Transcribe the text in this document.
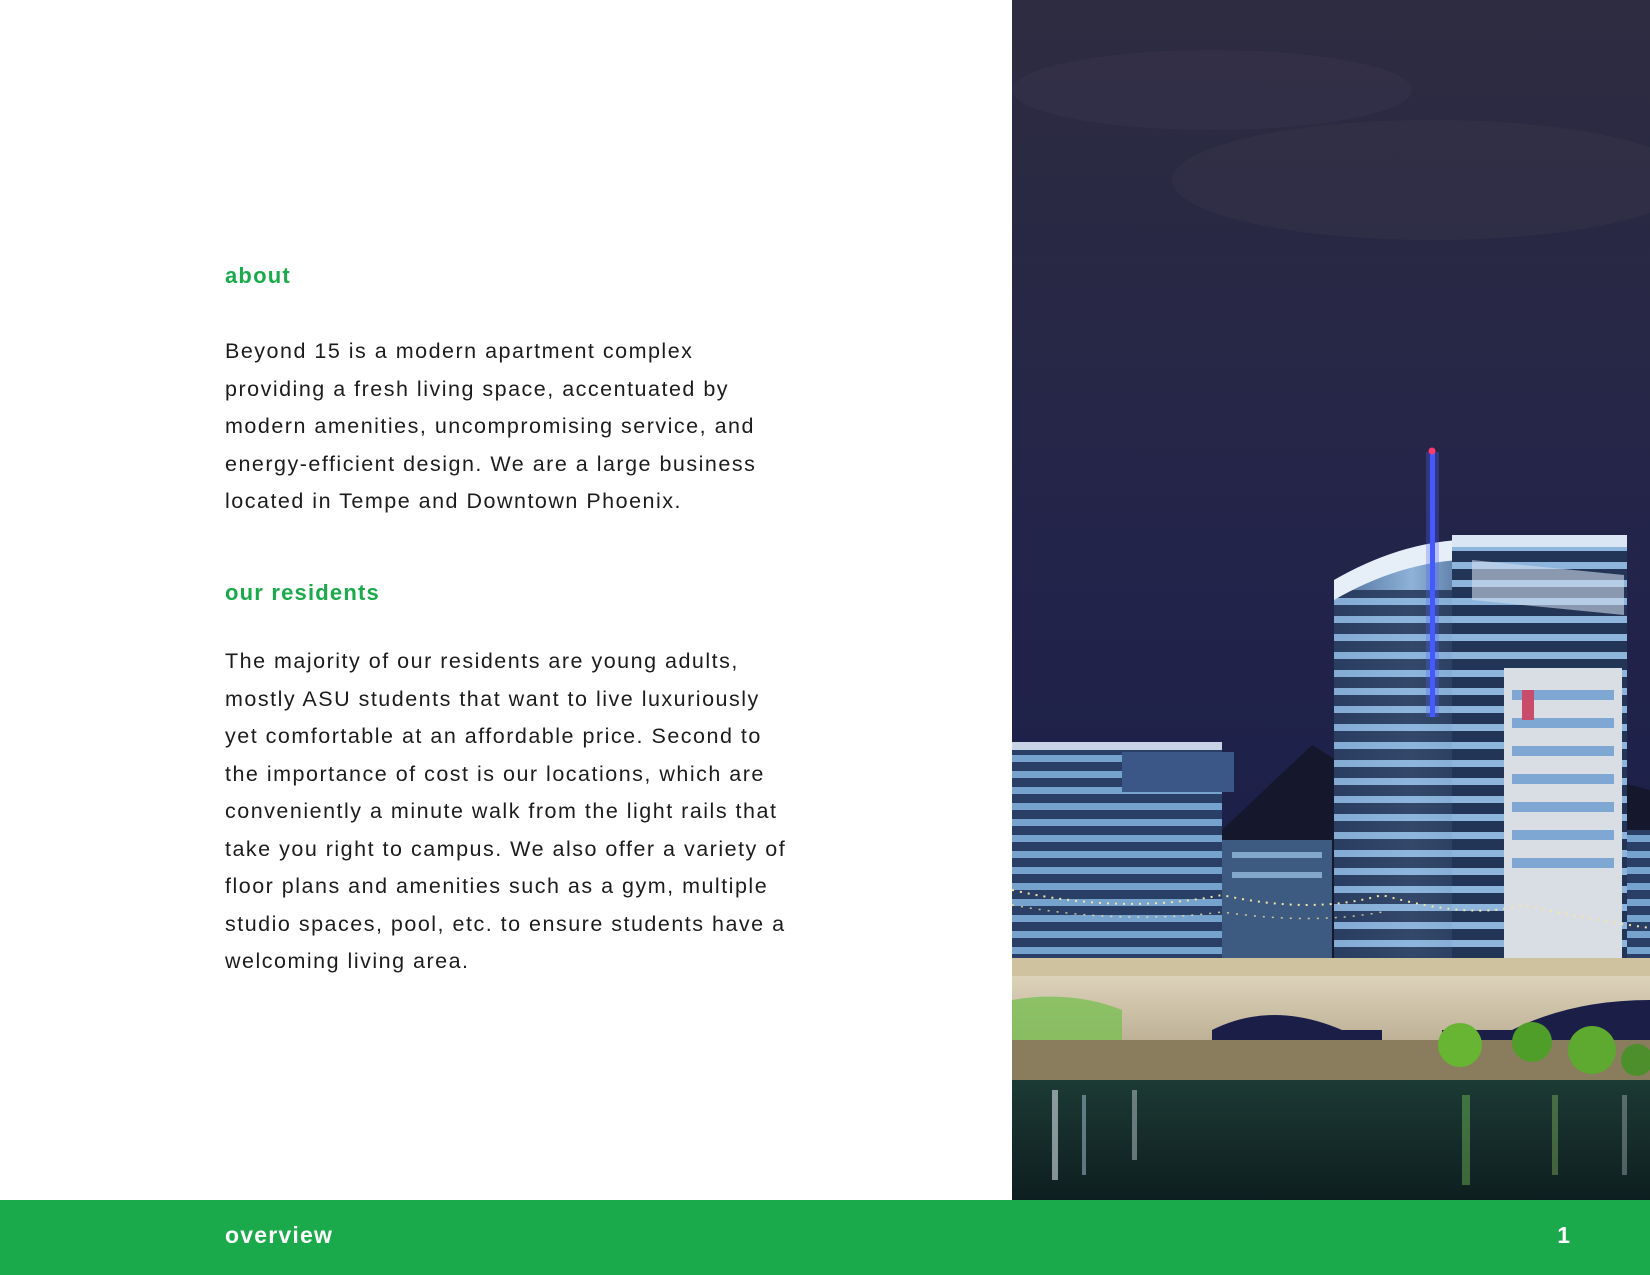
about

Beyond 15 is a modern apartment complex providing a fresh living space, accentuated by modern amenities, uncompromising service, and energy-efficient design. We are a large business located in Tempe and Downtown Phoenix.

our residents

The majority of our residents are young adults, mostly ASU students that want to live luxuriously yet comfortable at an affordable price. Second to the importance of cost is our locations, which are conveniently a minute walk from the light rails that take you right to campus. We also offer a variety of floor plans and amenities such as a gym, multiple studio spaces, pool, etc. to ensure students have a welcoming living area.

overview	1
